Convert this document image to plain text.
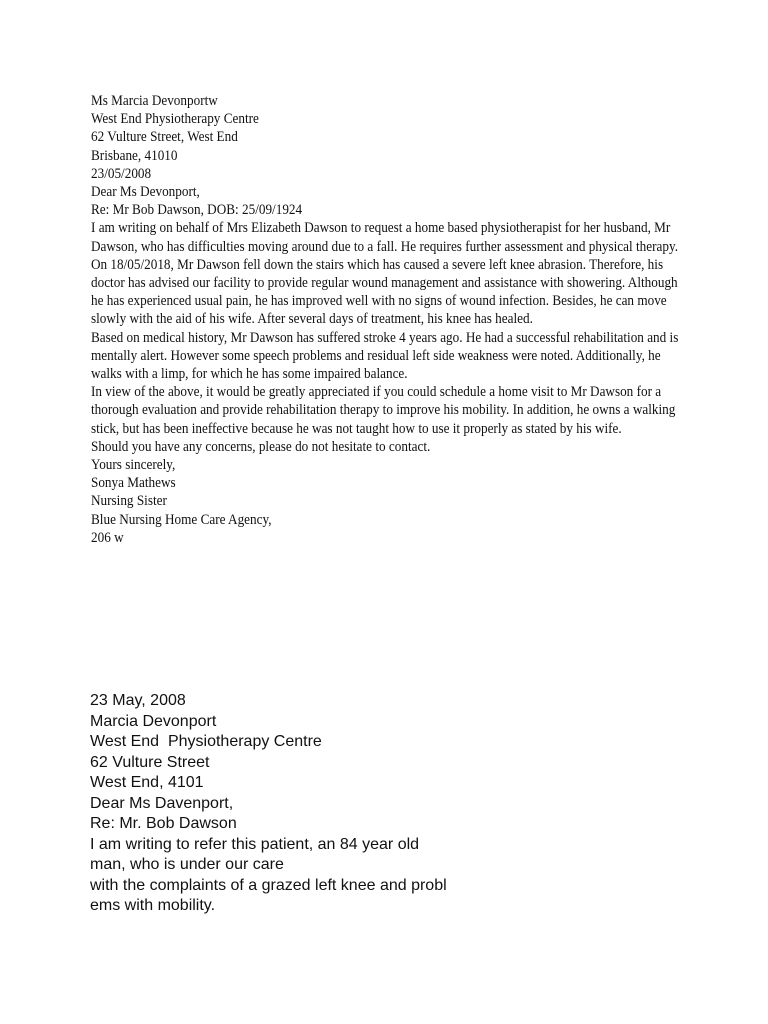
Ms Marcia Devonportw
West End Physiotherapy Centre
62 Vulture Street, West End
Brisbane, 41010
23/05/2008
Dear Ms Devonport,
Re: Mr Bob Dawson, DOB: 25/09/1924
I am writing on behalf of Mrs Elizabeth Dawson to request a home based physiotherapist for her husband, Mr Dawson, who has difficulties moving around due to a fall. He requires further assessment and physical therapy.
On 18/05/2018, Mr Dawson fell down the stairs which has caused a severe left knee abrasion. Therefore, his doctor has advised our facility to provide regular wound management and assistance with showering. Although he has experienced usual pain, he has improved well with no signs of wound infection. Besides, he can move slowly with the aid of his wife. After several days of treatment, his knee has healed.
Based on medical history, Mr Dawson has suffered stroke 4 years ago. He had a successful rehabilitation and is mentally alert. However some speech problems and residual left side weakness were noted. Additionally, he walks with a limp, for which he has some impaired balance.
In view of the above, it would be greatly appreciated if you could schedule a home visit to Mr Dawson for a thorough evaluation and provide rehabilitation therapy to improve his mobility. In addition, he owns a walking stick, but has been ineffective because he was not taught how to use it properly as stated by his wife.
Should you have any concerns, please do not hesitate to contact.
Yours sincerely,
Sonya Mathews
Nursing Sister
Blue Nursing Home Care Agency,
206 w
23 May, 2008
Marcia Devonport
West End  Physiotherapy Centre
62 Vulture Street
West End, 4101
Dear Ms Davenport,
Re: Mr. Bob Dawson
I am writing to refer this patient, an 84 year old
man, who is under our care
with the complaints of a grazed left knee and probl
ems with mobility.
